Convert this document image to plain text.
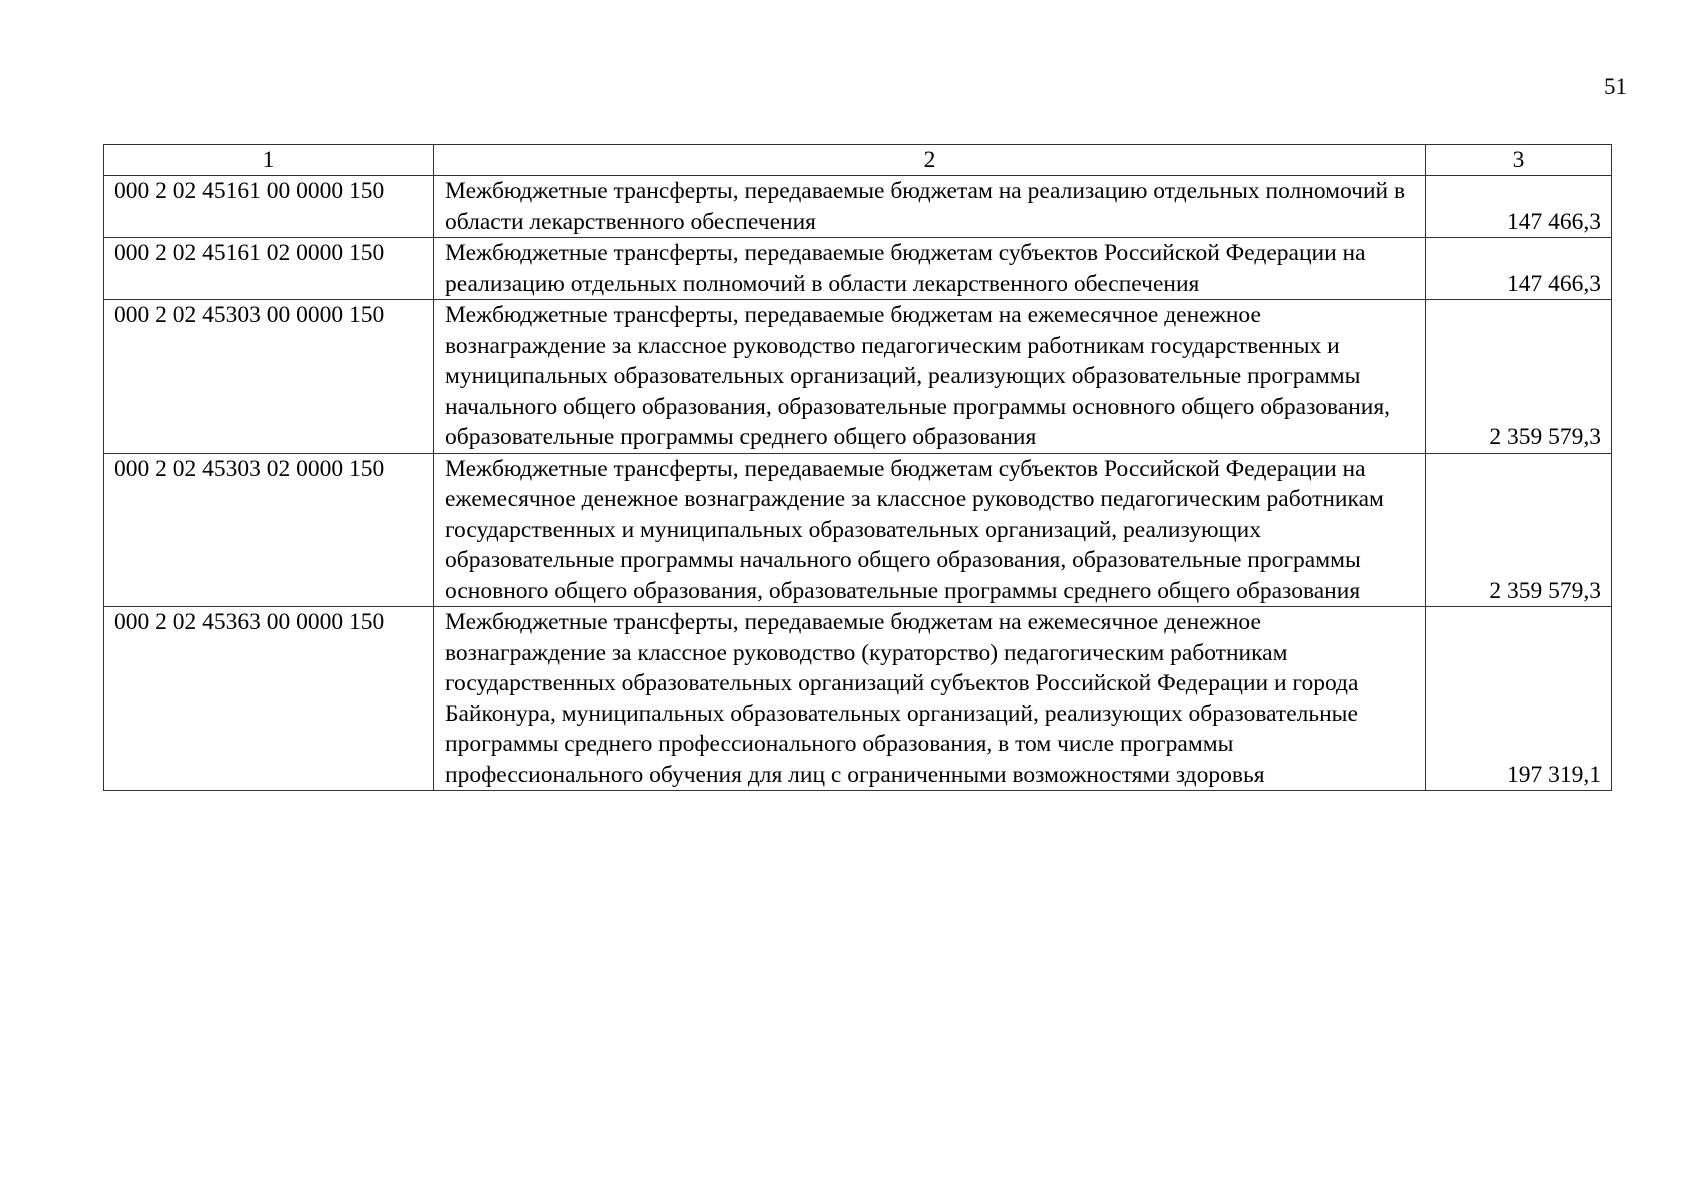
51
1	2	3
000 2 02 45161 00 0000 150	Межбюджетные трансферты, передаваемые бюджетам на реализацию отдельных полномочий в области лекарственного обеспечения	147 466,3
000 2 02 45161 02 0000 150	Межбюджетные трансферты, передаваемые бюджетам субъектов Российской Федерации на реализацию отдельных полномочий в области лекарственного обеспечения	147 466,3
000 2 02 45303 00 0000 150	Межбюджетные трансферты, передаваемые бюджетам на ежемесячное денежное вознаграждение за классное руководство педагогическим работникам государственных и муниципальных образовательных организаций, реализующих образовательные программы начального общего образования, образовательные программы основного общего образования, образовательные программы среднего общего образования	2 359 579,3
000 2 02 45303 02 0000 150	Межбюджетные трансферты, передаваемые бюджетам субъектов Российской Федерации на ежемесячное денежное вознаграждение за классное руководство педагогическим работникам государственных и муниципальных образовательных организаций, реализующих образовательные программы начального общего образования, образовательные программы основного общего образования, образовательные программы среднего общего образования	2 359 579,3
000 2 02 45363 00 0000 150	Межбюджетные трансферты, передаваемые бюджетам на ежемесячное денежное вознаграждение за классное руководство (кураторство) педагогическим работникам государственных образовательных организаций субъектов Российской Федерации и города Байконура, муниципальных образовательных организаций, реализующих образовательные программы среднего профессионального образования, в том числе программы профессионального обучения для лиц с ограниченными возможностями здоровья	197 319,1
